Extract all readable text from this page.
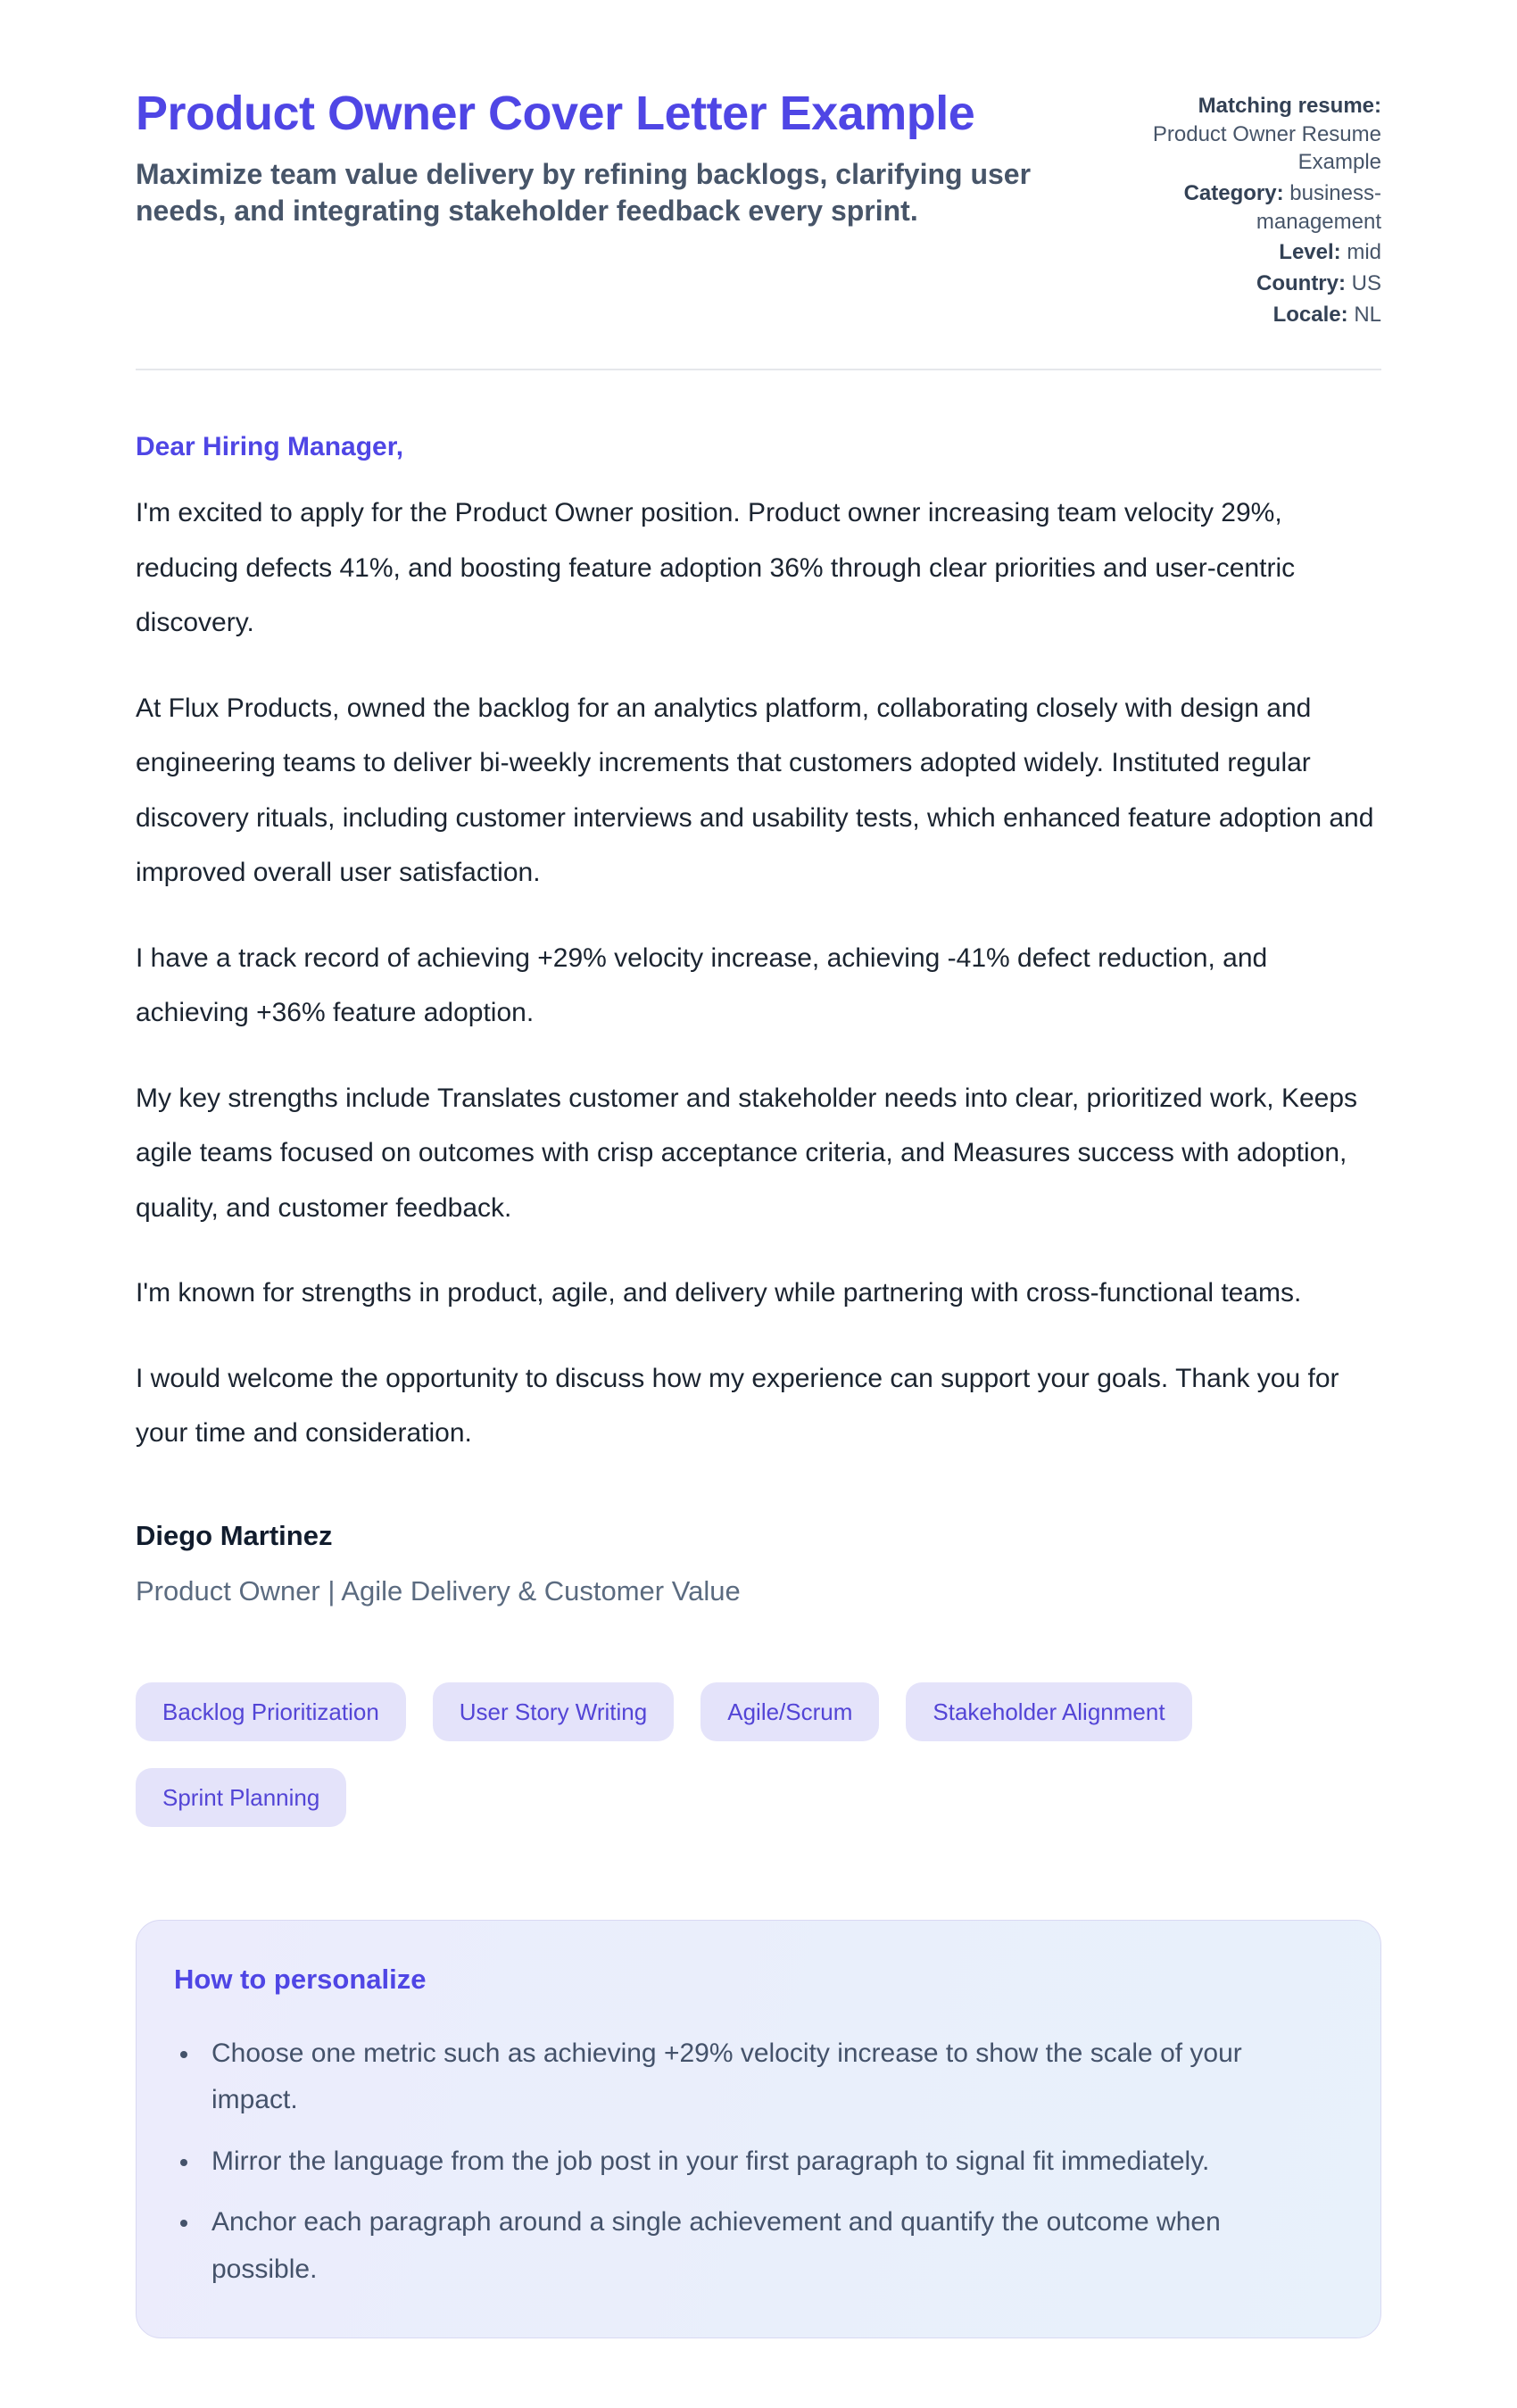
Product Owner Cover Letter Example

Maximize team value delivery by refining backlogs, clarifying user needs, and integrating stakeholder feedback every sprint.

Matching resume: Product Owner Resume Example
Category: business-management
Level: mid
Country: US
Locale: NL

Dear Hiring Manager,

I'm excited to apply for the Product Owner position. Product owner increasing team velocity 29%, reducing defects 41%, and boosting feature adoption 36% through clear priorities and user-centric discovery.

At Flux Products, owned the backlog for an analytics platform, collaborating closely with design and engineering teams to deliver bi-weekly increments that customers adopted widely. Instituted regular discovery rituals, including customer interviews and usability tests, which enhanced feature adoption and improved overall user satisfaction.

I have a track record of achieving +29% velocity increase, achieving -41% defect reduction, and achieving +36% feature adoption.

My key strengths include Translates customer and stakeholder needs into clear, prioritized work, Keeps agile teams focused on outcomes with crisp acceptance criteria, and Measures success with adoption, quality, and customer feedback.

I'm known for strengths in product, agile, and delivery while partnering with cross-functional teams.

I would welcome the opportunity to discuss how my experience can support your goals. Thank you for your time and consideration.

Diego Martinez

Product Owner | Agile Delivery & Customer Value

Backlog Prioritization	User Story Writing	Agile/Scrum	Stakeholder Alignment
Sprint Planning
How to personalize
• Choose one metric such as achieving +29% velocity increase to show the scale of your impact.
• Mirror the language from the job post in your first paragraph to signal fit immediately.
• Anchor each paragraph around a single achievement and quantify the outcome when possible.
